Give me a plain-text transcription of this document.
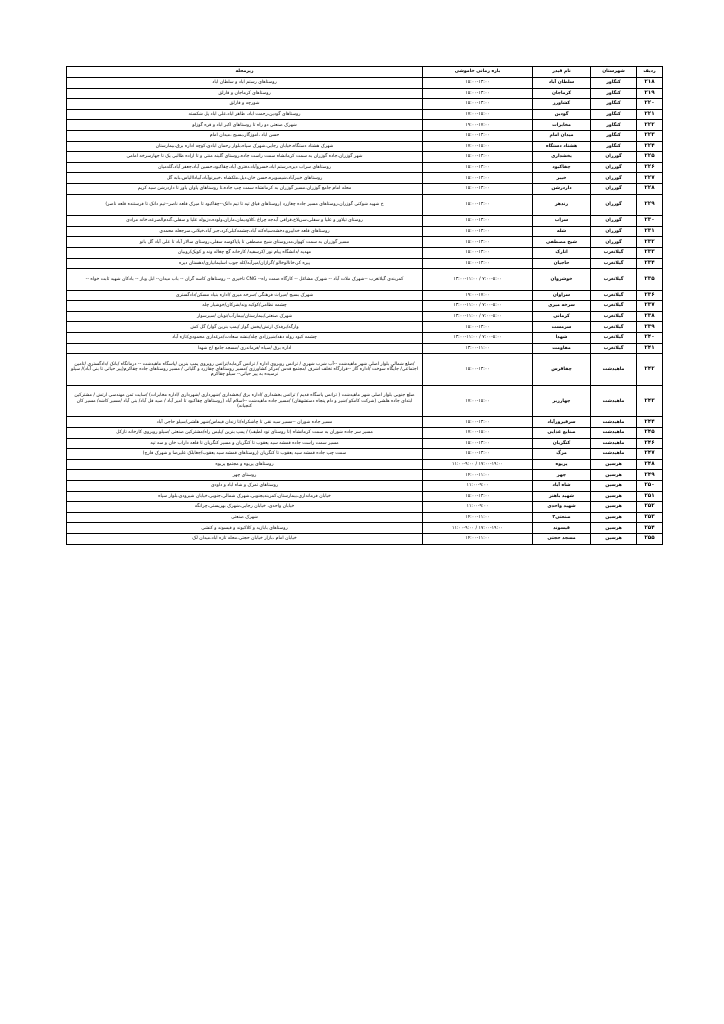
ردیف	شهرستان	نام فیدر	بازه زمانی خاموشی	زیرمحله
۲۱۸	کنگاور	سلطان آباد	۱۵:۰۰-۱۳:۰۰	روستاهای رستم اباد و سلطان اباد
۲۱۹	کنگاور	کرماجان	۱۵:۰۰-۱۳:۰۰	روستاهای کرماجان و قارلق
۲۲۰	کنگاور	کشاورز	۱۵:۰۰-۱۳:۰۰	شورچه و قارلق
۲۲۱	کنگاور	گودین	۱۷:۰۰-۱۵:۰۰	روستاهای گودین،رحمت اباد، طاهر اباد،علی اباد پل شکسته
۲۲۲	کنگاور	مخابرات	۱۹:۰۰-۱۷:۰۰	شهرک صنعتی دو راه تا روستاهای اکبر اباد و قره گوزلو
۲۲۳	کنگاور	میدان امام	۱۵:۰۰-۱۳:۰۰	حسن اباد ،اموزگار،بسیج ،میدان امام
۲۲۴	کنگاور	هشتاد دستگاه	۱۷:۰۰-۱۵:۰۰	شهرک هشتاد دستگاه،خیابان رجایی،شهرک سپاه،بلوار رحمان ابادی،کوچه اداره برق،بیمارستان
۲۲۵	گوزران	یخشداری	۱۵:۰۰-۱۳:۰۰	شهر گوزران،جاده گوزران به سمت کرمانشاه سمت راست جاده،روستای گلینه منتی و تا اراده ظالبی یک تا جهارسرخه امامی
۲۲۶	گوزران	چقاکبود	۱۵:۰۰-۱۳:۰۰	روستاهای سراب دیزه،رستم اباد،خسروآباد،دفتری آباد،چقاکبود،حسین آباد،جعفر آباد،گلدمیان
۲۲۷	گوزران	خیبر	۱۵:۰۰-۱۳:۰۰	روستاهای خیبرآباد،شیمبویره،حسن خان،دیل،ملکشاه ،خیبرنوآباد،آبیاداالیاس،بابه گل
۲۲۸	گوزران	داردرشن	۱۵:۰۰-۱۳:۰۰	محله امام جامع گوزران،مسیر گوزران به کرمانشاه سمت چپ جاده،تا روستاهای پاوان یاور تا داردرشن سید کریم
۲۲۹	گوزران	زندهر	۱۵:۰۰-۱۳:۰۰	خ شهید شوکتی گوزران،روستاهای مسیر جاده چغازرد (روستاهای قیاق تپه تا تیم دانک--چقاکبود تا میرک قلعه ناصر--تیم دانک تا فرستنده قلعه ناصر)
۲۳۰	گوزران	سراب	۱۵:۰۰-۱۳:۰۰	روستای تیلاور و علیا و سفلی،سرپلاخ،قزاقی آبدجه چراغ ،کلاودیمان،ماران،ولوده،دزیوله علیا و سفلی،گندم‌الصرعه،خانه مرادی
۲۳۱	گوزران	شله	۱۵:۰۰-۱۳:۰۰	روستاهای قلعه خداییرو،دخشه‌سیاه‌کنه آباد،چشمه‌کبلی‌کرد،جبر آباد،خیلانی،سرجعله محمدی
۲۳۲	گوزران	شیخ مصطفی	۱۵:۰۰-۱۳:۰۰	مسیر گوزران به سمت کهوار،مدروستای شیخ مصطفی تا پاپاکوسه سفلی،روستای سالار آباد تا علی آباد گل بانو
۲۳۳	گیلانغرب	اتارک	۱۵:۰۰-۱۳:۰۰	مهدیه /دانشگاه پیام نور /کرسفید/ کارخانه گچ چغاله وند و کویک/روبیان
۲۳۴	گیلانغرب	حاجیان	۱۵:۰۰-۱۳:۰۰	پیره کر،خانالوخالو /گرازان/میرآبه/کله جوب اسلیمانیاری/دهستان دیره
۲۳۵	گیلانغرب	خوشروان	۱۳:۰۰-۱۱:۰۰ / ۷:۰۰-۵:۰۰	کمربندی گیلانغرب --شهرک ملات آباد -- شهرک مشاغل -- کارگاه ضمت راه-- CNG تاخیری -- روستاهای کاسه گران -- باب میدان-- ابل وباز -- بادکان شهید ثابت خواه --
۲۳۶	گیلانغرب	سراوان	۱۹:۰۰-۱۷:۰۰	شهرک بسیج /میراث فرهنگی /سرخه میری /اداره بنیاد مسکن/دادگستری
۲۳۷	گیلانغرب	سرخه میری	۱۳:۰۰-۱۱:۰۰ / ۷:۰۰-۵:۰۰	چشمه نظامی/کوکبه وند/شرکان/خوشیار چله
۲۳۸	گیلانغرب	کرمانی	۱۳:۰۰-۱۱:۰۰ / ۷:۰۰-۵:۰۰	شهرک صنعتی/بیمارستان/بیمارآب/نوبان /سیرسوار
۲۳۹	گیلانغرب	سرمست	۱۵:۰۰-۱۳:۰۰	وارگه/برفدک ارتش/پخش گوار /پمپ بنزین گوار/ گل کش
۲۴۰	گیلانغرب	شهدا	۱۳:۰۰-۱۱:۰۰ / ۷:۰۰-۵:۰۰	چشمه کبود روله دهد/شیرزادی چله/بنشه سعادت/مرغداری محمودی/تازه آباد
۲۴۱	گیلانغرب	مقاومت	۱۳:۰۰-۱۱:۰۰	اداره برق /سیاه /فرماندری /مسجد جامع /خ شهدا
۲۴۲	ماهیدشت	چقاقرس	۱۵:۰۰-۱۳:۰۰	/ضلع شمالی بلوار اصلی شهر ماهیدشت --آب شرب شهری / ترانس روبروی اداره / ترانس گرمابه/ترانس روبروی پمپ بنزین /پاسگاه ماهیدشت -- درمانگاه /بانک /دادگستری /تامین اجتماعی/ جایگاه سوخت /اداره گاز --قرارگاه تخلف اشرف /مجتمع قدس /مرکز کشاورزی /مسیر روستاهای چقازرد و گلیانی / مسیر روستاهای جاده چقاکرم(پیر حیاتی تا بنی آباد)/ سیلو نرسیده به پیر حیاتی-- سیلو چقاکرم
۲۴۳	ماهیدشت	چهارزبر	۱۷:۰۰-۱۵:۰۰	ضلع جنوبی بلوار اصلی شهر ماهیدشت ( ترانس پاسگاه قدیم / ترانس بخشداری /اداره برق /بخشداری /شهرداری /شهرداری /اداره مخابرات) /سایت ثمن مهندسی ارتش / مشترکین ابتدای جاده هلشی (شرکت کامکو /شیر و دام پنجاه دستشهقان) /مسیر جاده ماهیدشت --اسلام آباد (روستاهای چقاکبود تا امیر آباد / صید قل آباد/ بنی آباد /مسیر کاشه/ مسیر کان کنجیانه)
۲۴۴	ماهیدشت	سرفیروزآباد	۱۵:۰۰-۱۳:۰۰	مسیر جاده شوران --مسیر سید نقی تا چاشکراه/تا زندان قیماس/شهر هلشی/سیلو حاجی آباد
۲۴۵	ماهیدشت	صنایع غذایی	۱۷:۰۰-۱۵:۰۰	مسیر سر جاده شوران به سمت کرمانشاه (تا روستای تود لطیف) / پمپ بنزین /پلیس راه/مشترکین صنعتی /سیلو روبروی کارخانه تازکل
۲۴۶	ماهیدشت	کنگریان	۱۵:۰۰-۱۳:۰۰	مسیر سمت راست جاده قمشه سید یعقوب تا کنگریان و مسیر کنگریان تا قلعه داراب خان و سه تپه
۲۴۷	ماهیدشت	مرگ	۱۵:۰۰-۱۳:۰۰	سمت چپ جاده قمشه سید یعقوب تا کنگریان (روستاهای قمشه سید یعقوب/جغابلک علیرضا و شهرک فارج)
۲۴۸	هرسین	پریوه	۱۱:۰۰-۹:۰۰ / ۱۷:۰۰-۱۹:۰۰	روستاهای پریوه و مجتمع پریوه
۲۴۹	هرسین	چهر	۱۴:۰۰-۱۱:۰۰	روستای چهر
۲۵۰	هرسین	شاه آباد	۱۱:۰۰-۹:۰۰	روستاهای تمرک و شاه اباد و داودی
۲۵۱	هرسین	شهید باهنر	۱۵:۰۰-۱۳:۰۰	خیابان فرمانداری،بیمارستان،کمربندیجنوبی،شهرک شمالی،جنوبی،خیابان شیرودی،بلوار سپاه
۲۵۲	هرسین	شهید واحدی	۱۱:۰۰-۹:۰۰	خیابان واحدی، خیابان رجایی،شهرک بهزیستی،چرانگه
۲۵۳	هرسین	صنعتی۲	۱۴:۰۰-۱۱:۰۰	شهرک صنعتی
۲۵۴	هرسین	قیسوند	۱۱:۰۰-۹:۰۰ / ۱۷:۰۰-۱۹:۰۰	روستاهای بابازید و کلاکبوند و قیسوند و کنشی
۲۵۵	هرسین	مسجد حجتی	۱۴:۰۰-۱۱:۰۰	خیابان امام ،بازار خیابان حجتی،محله تازه اباد،میدان لک
